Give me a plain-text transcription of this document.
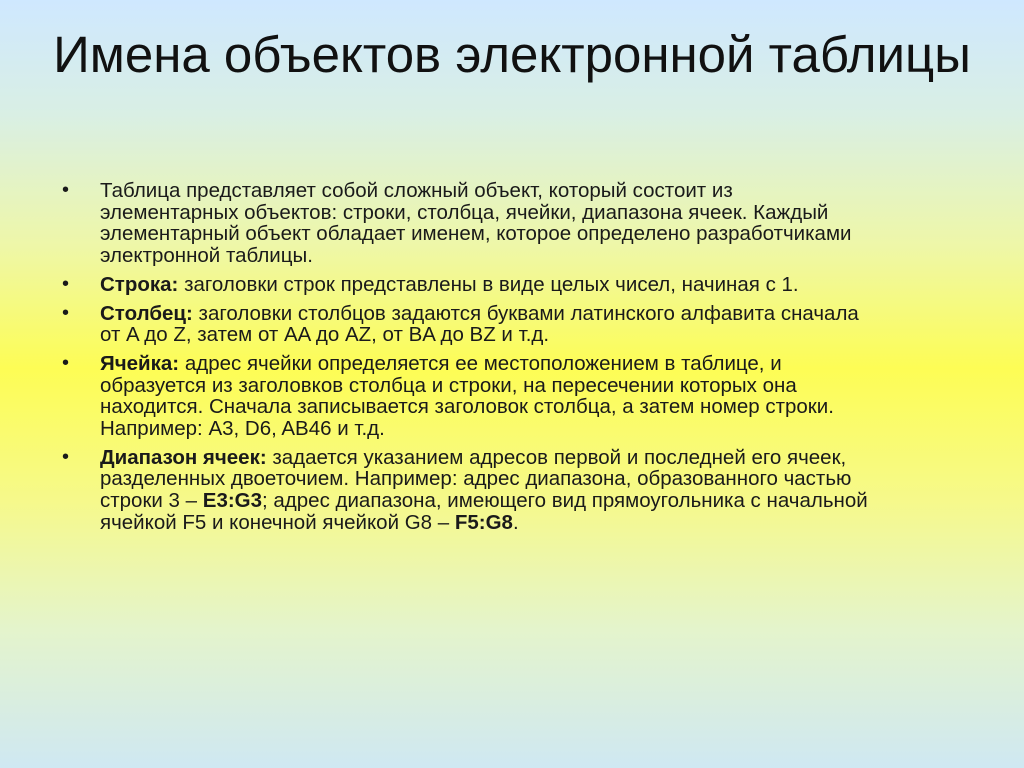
Имена объектов электронной таблицы
• Таблица представляет собой сложный объект, который состоит из элементарных объектов: строки, столбца, ячейки, диапазона ячеек. Каждый элементарный объект обладает именем, которое определено разработчиками электронной таблицы.
• Строка: заголовки строк представлены в виде целых чисел, начиная с 1.
• Столбец: заголовки столбцов задаются буквами латинского алфавита сначала от A до Z, затем от AA до AZ, от BA до BZ и т.д.
• Ячейка: адрес ячейки определяется ее местоположением в таблице, и образуется из заголовков столбца и строки, на пересечении которых она находится. Сначала записывается заголовок столбца, а затем номер строки. Например: A3, D6, AB46 и т.д.
• Диапазон ячеек: задается указанием адресов первой и последней его ячеек, разделенных двоеточием. Например: адрес диапазона, образованного частью строки 3 – E3:G3; адрес диапазона, имеющего вид прямоугольника с начальной ячейкой F5 и конечной ячейкой G8 – F5:G8.
